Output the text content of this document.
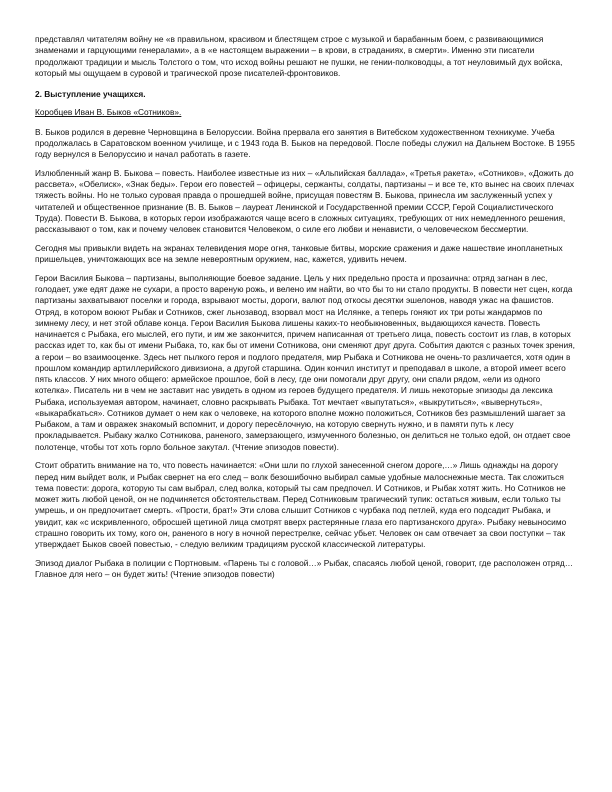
представлял читателям войну не «в правильном, красивом и блестящем строе с музыкой и барабанным боем, с развивающимися знаменами и гарцующими генералами», а в «е настоящем выражении – в крови, в страданиях, в смерти». Именно эти писатели продолжают традиции и мысль Толстого о том, что исход войны решают не пушки, не гении-полководцы, а тот неуловимый дух войска, который мы ощущаем в суровой и трагической прозе писателей-фронтовиков.

2. Выступление учащихся.

Коробцев Иван В. Быков «Сотников».

В. Быков родился в деревне Черновщина в Белоруссии. Война прервала его занятия в Витебском художественном техникуме. Учеба продолжалась в Саратовском военном училище, и с 1943 года В. Быков на передовой. После победы служил на Дальнем Востоке. В 1955 году вернулся в Белоруссию и начал работать в газете.

Излюбленный жанр В. Быкова – повесть. Наиболее известные из них – «Альпийская баллада», «Третья ракета», «Сотников», «Дожить до рассвета», «Обелиск», «Знак беды». Герои его повестей – офицеры, сержанты, солдаты, партизаны – и все те, кто вынес на своих плечах тяжесть войны. Но не только суровая правда о прошедшей войне, присущая повестям В. Быкова, принесла им заслуженный успех у читателей и общественное признание (В. В. Быков – лауреат Ленинской и Государственной премии СССР, Герой Социалистического Труда). Повести В. Быкова, в которых герои изображаются чаще всего в сложных ситуациях, требующих от них немедленного решения, рассказывают о том, как и почему человек становится Человеком, о силе его любви и ненависти, о человеческом бессмертии.

Сегодня мы привыкли видеть на экранах телевидения море огня, танковые битвы, морские сражения и даже нашествие инопланетных пришельцев, уничтожающих все на земле невероятным оружием, нас, кажется, удивить нечем.

Герои Василия Быкова – партизаны, выполняющие боевое задание. Цель у них предельно проста и прозаична: отряд загнан в лес, голодает, уже едят даже не сухари, а просто вареную рожь, и велено им найти, во что бы то ни стало продукты. В повести нет сцен, когда партизаны захватывают поселки и города, взрывают мосты, дороги, валют под откосы десятки эшелонов, наводя ужас на фашистов. Отряд, в котором воюют Рыбак и Сотников, сжег льнозавод, взорвал мост на Ислянке, а теперь гоняют их три роты жандармов по зимнему лесу, и нет этой облаве конца. Герои Василия Быкова лишены каких-то необыкновенных, выдающихся качеств. Повесть начинается с Рыбака, его мыслей, его пути, и им же закончится, причем написанная от третьего лица, повесть состоит из глав, в которых рассказ идет то, как бы от имени Рыбака, то, как бы от имени Сотникова, они сменяют друг друга. События даются с разных точек зрения, а герои – во взаимооценке. Здесь нет пылкого героя и подлого предателя, мир Рыбака и Сотникова не очень-то различается, хотя один в прошлом командир артиллерийского дивизиона, а другой старшина. Один кончил институт и преподавал в школе, а второй имеет всего пять классов. У них много общего: армейское прошлое, бой в лесу, где они помогали друг другу, они спали рядом, «ели из одного котелка». Писатель ни в чем не заставит нас увидеть в одном из героев будущего предателя. И лишь некоторые эпизоды да лексика Рыбака, используемая автором, начинает, словно раскрывать Рыбака. Тот мечтает «выпутаться», «выкрутиться», «вывернуться», «выкарабкаться». Сотников думает о нем как о человеке, на которого вполне можно положиться, Сотников без размышлений шагает за Рыбаком, а там и овражек знакомый вспомнит, и дорогу переcёлочную, на которую свернуть нужно, и в памяти путь к лесу прокладывается. Рыбаку жалко Сотникова, раненого, замерзающего, измученного болезнью, он делиться не только едой, он отдает свое полотенце, чтобы тот хоть горло больное закутал. (Чтение эпизодов повести).

Стоит обратить внимание на то, что повесть начинается: «Они шли по глухой занесенной снегом дороге,…» Лишь однажды на дорогу перед ним выйдет волк, и Рыбак свернет на его след – волк безошибочно выбирал самые удобные малоснежные места. Так сложиться тема повести: дорога, которую ты сам выбрал, след волка, который ты сам предпочел. И Сотников, и Рыбак хотят жить. Но Сотников не может жить любой ценой, он не подчиняется обстоятельствам. Перед Сотниковым трагический тупик: остаться живым, если только ты умрешь, и он предпочитает смерть. «Прости, брат!» Эти слова слышит Сотников с чурбака под петлей, куда его подсадит Рыбака, и увидит, как «с искривленного, обросшей щетиной лица смотрят вверх растерянные глаза его партизанского друга». Рыбаку невыносимо страшно говорить их тому, кого он, раненого в ногу в ночной перестрелке, сейчас убьет. Человек он сам отвечает за свои поступки – так утверждает Быков своей повестью, - следую великим традициям русской классической литературы.

Эпизод диалог Рыбака в полиции с Портновым. «Парень ты с головой…» Рыбак, спасаясь любой ценой, говорит, где расположен отряд… Главное для него – он будет жить! (Чтение эпизодов повести)
